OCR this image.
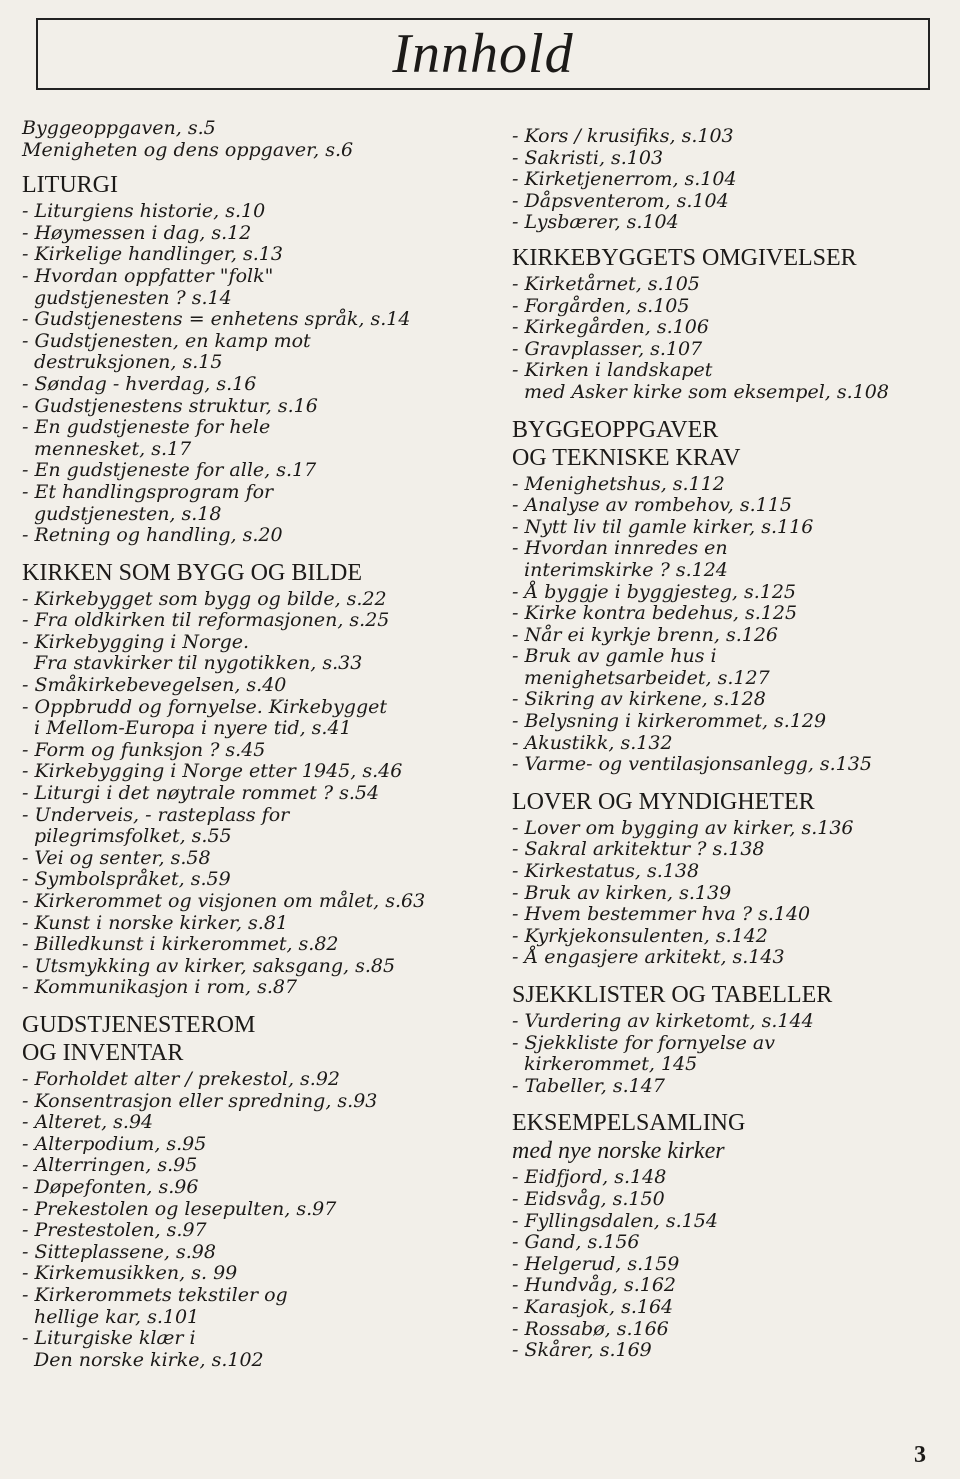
Innhold
Byggeoppgaven, s.5
Menigheten og dens oppgaver, s.6
LITURGI
- Liturgiens historie, s.10
- Høymessen i dag, s.12
- Kirkelige handlinger, s.13
- Hvordan oppfatter "folk"
gudstjenesten ? s.14
- Gudstjenestens = enhetens språk, s.14
- Gudstjenesten, en kamp mot
destruksjonen, s.15
- Søndag - hverdag, s.16
- Gudstjenestens struktur, s.16
- En gudstjeneste for hele
mennesket, s.17
- En gudstjeneste for alle, s.17
- Et handlingsprogram for
gudstjenesten, s.18
- Retning og handling, s.20
KIRKEN SOM BYGG OG BILDE
- Kirkebygget som bygg og bilde, s.22
- Fra oldkirken til reformasjonen, s.25
- Kirkebygging i Norge.
Fra stavkirker til nygotikken, s.33
- Småkirkebevegelsen, s.40
- Oppbrudd og fornyelse. Kirkebygget
i Mellom-Europa i nyere tid, s.41
- Form og funksjon ? s.45
- Kirkebygging i Norge etter 1945, s.46
- Liturgi i det nøytrale rommet ? s.54
- Underveis, - rasteplass for
pilegrimsfolket, s.55
- Vei og senter, s.58
- Symbolspråket, s.59
- Kirkerommet og visjonen om målet, s.63
- Kunst i norske kirker, s.81
- Billedkunst i kirkerommet, s.82
- Utsmykking av kirker, saksgang, s.85
- Kommunikasjon i rom, s.87
GUDSTJENESTEROM
OG INVENTAR
- Forholdet alter / prekestol, s.92
- Konsentrasjon eller spredning, s.93
- Alteret, s.94
- Alterpodium, s.95
- Alterringen, s.95
- Døpefonten, s.96
- Prekestolen og lesepulten, s.97
- Prestestolen, s.97
- Sitteplassene, s.98
- Kirkemusikken, s. 99
- Kirkerommets tekstiler og
hellige kar, s.101
- Liturgiske klær i
Den norske kirke, s.102
- Kors / krusifiks, s.103
- Sakristi, s.103
- Kirketjenerrom, s.104
- Dåpsventerom, s.104
- Lysbærer, s.104
KIRKEBYGGETS OMGIVELSER
- Kirketårnet, s.105
- Forgården, s.105
- Kirkegården, s.106
- Gravplasser, s.107
- Kirken i landskapet
med Asker kirke som eksempel, s.108
BYGGEOPPGAVER
OG TEKNISKE KRAV
- Menighetshus, s.112
- Analyse av rombehov, s.115
- Nytt liv til gamle kirker, s.116
- Hvordan innredes en
interimskirke ? s.124
- Å byggje i byggjesteg, s.125
- Kirke kontra bedehus, s.125
- Når ei kyrkje brenn, s.126
- Bruk av gamle hus i
menighetsarbeidet, s.127
- Sikring av kirkene, s.128
- Belysning i kirkerommet, s.129
- Akustikk, s.132
- Varme- og ventilasjonsanlegg, s.135
LOVER OG MYNDIGHETER
- Lover om bygging av kirker, s.136
- Sakral arkitektur ? s.138
- Kirkestatus, s.138
- Bruk av kirken, s.139
- Hvem bestemmer hva ? s.140
- Kyrkjekonsulenten, s.142
- Å engasjere arkitekt, s.143
SJEKKLISTER OG TABELLER
- Vurdering av kirketomt, s.144
- Sjekkliste for fornyelse av
kirkerommet, 145
- Tabeller, s.147
EKSEMPELSAMLING
med nye norske kirker
- Eidfjord, s.148
- Eidsvåg, s.150
- Fyllingsdalen, s.154
- Gand, s.156
- Helgerud, s.159
- Hundvåg, s.162
- Karasjok, s.164
- Rossabø, s.166
- Skårer, s.169
3
